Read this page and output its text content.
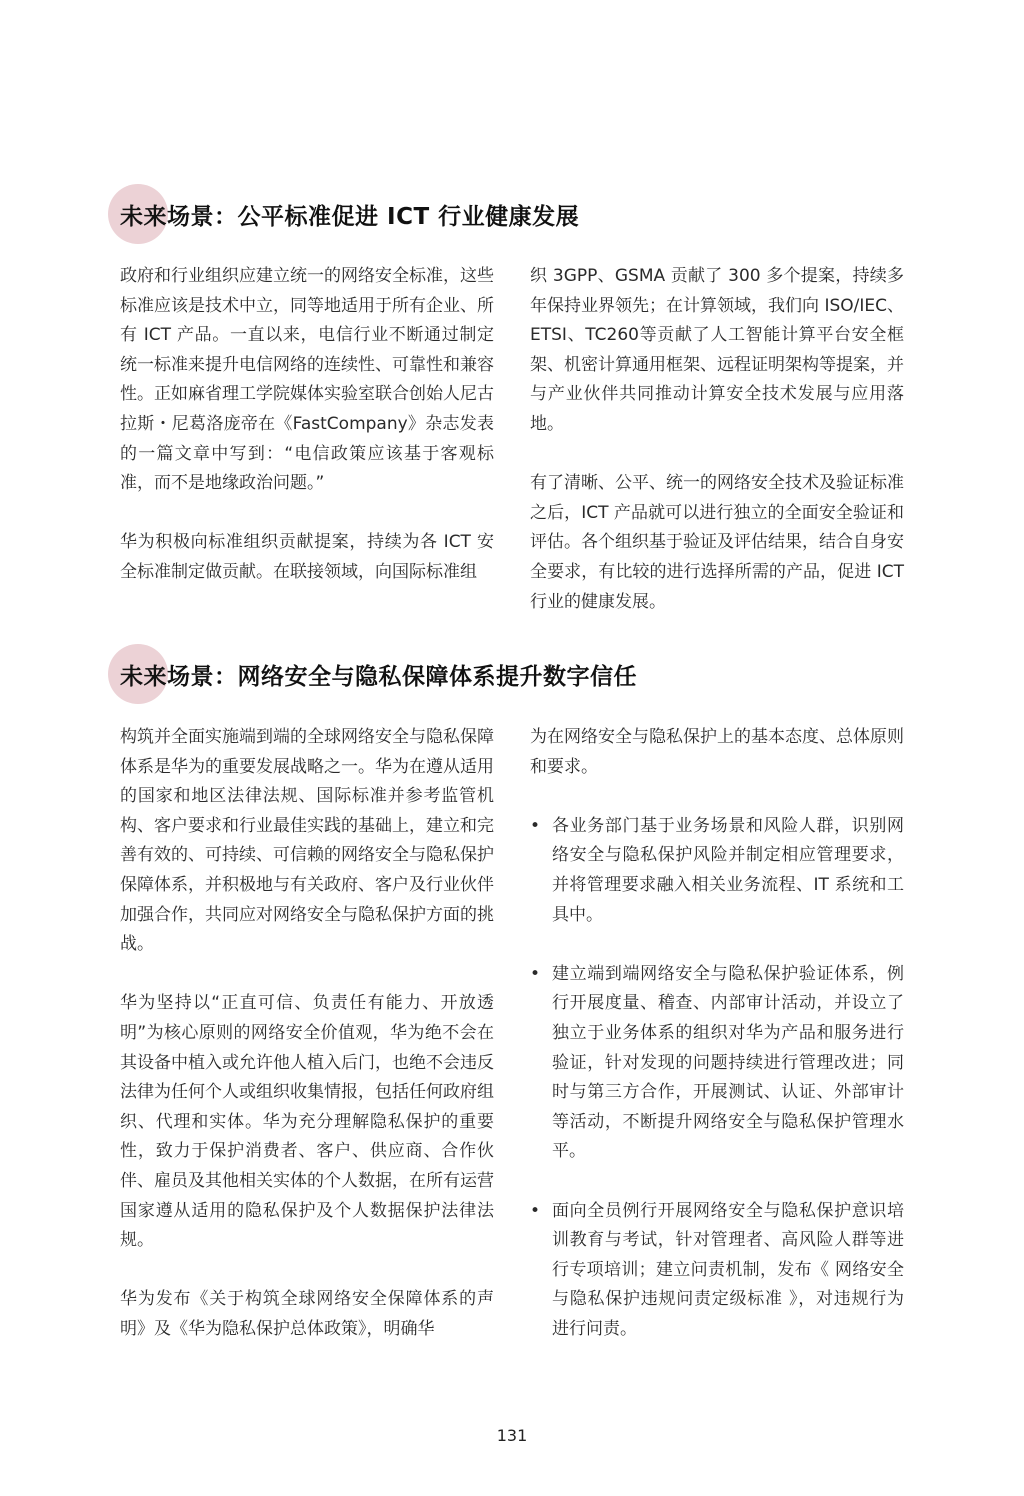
未来场景：公平标准促进 ICT 行业健康发展

政府和行业组织应建立统一的网络安全标准，这些标准应该是技术中立，同等地适用于所有企业、所有 ICT 产品。一直以来，电信行业不断通过制定统一标准来提升电信网络的连续性、可靠性和兼容性。正如麻省理工学院媒体实验室联合创始人尼古拉斯・尼葛洛庞帝在《FastCompany》杂志发表的一篇文章中写到：“电信政策应该基于客观标准，而不是地缘政治问题。”

华为积极向标准组织贡献提案，持续为各 ICT 安全标准制定做贡献。在联接领域，向国际标准组

织 3GPP、GSMA 贡献了 300 多个提案，持续多年保持业界领先；在计算领域，我们向 ISO/IEC、ETSI、TC260等贡献了人工智能计算平台安全框架、机密计算通用框架、远程证明架构等提案，并与产业伙伴共同推动计算安全技术发展与应用落地。

有了清晰、公平、统一的网络安全技术及验证标准之后，ICT 产品就可以进行独立的全面安全验证和评估。各个组织基于验证及评估结果，结合自身安全要求，有比较的进行选择所需的产品，促进 ICT 行业的健康发展。

未来场景：网络安全与隐私保障体系提升数字信任

构筑并全面实施端到端的全球网络安全与隐私保障体系是华为的重要发展战略之一。华为在遵从适用的国家和地区法律法规、国际标准并参考监管机构、客户要求和行业最佳实践的基础上，建立和完善有效的、可持续、可信赖的网络安全与隐私保护保障体系，并积极地与有关政府、客户及行业伙伴加强合作，共同应对网络安全与隐私保护方面的挑战。

华为坚持以“正直可信、负责任有能力、开放透明”为核心原则的网络安全价值观，华为绝不会在其设备中植入或允许他人植入后门，也绝不会违反法律为任何个人或组织收集情报，包括任何政府组织、代理和实体。华为充分理解隐私保护的重要性，致力于保护消费者、客户、供应商、合作伙伴、雇员及其他相关实体的个人数据，在所有运营国家遵从适用的隐私保护及个人数据保护法律法规。

华为发布《关于构筑全球网络安全保障体系的声明》及《华为隐私保护总体政策》，明确华

为在网络安全与隐私保护上的基本态度、总体原则和要求。

• 各业务部门基于业务场景和风险人群，识别网络安全与隐私保护风险并制定相应管理要求，并将管理要求融入相关业务流程、IT 系统和工具中。
• 建立端到端网络安全与隐私保护验证体系，例行开展度量、稽查、内部审计活动，并设立了独立于业务体系的组织对华为产品和服务进行验证，针对发现的问题持续进行管理改进；同时与第三方合作，开展测试、认证、外部审计等活动，不断提升网络安全与隐私保护管理水平。
• 面向全员例行开展网络安全与隐私保护意识培训教育与考试，针对管理者、高风险人群等进行专项培训；建立问责机制，发布《 网络安全与隐私保护违规问责定级标准 》，对违规行为进行问责。
131
